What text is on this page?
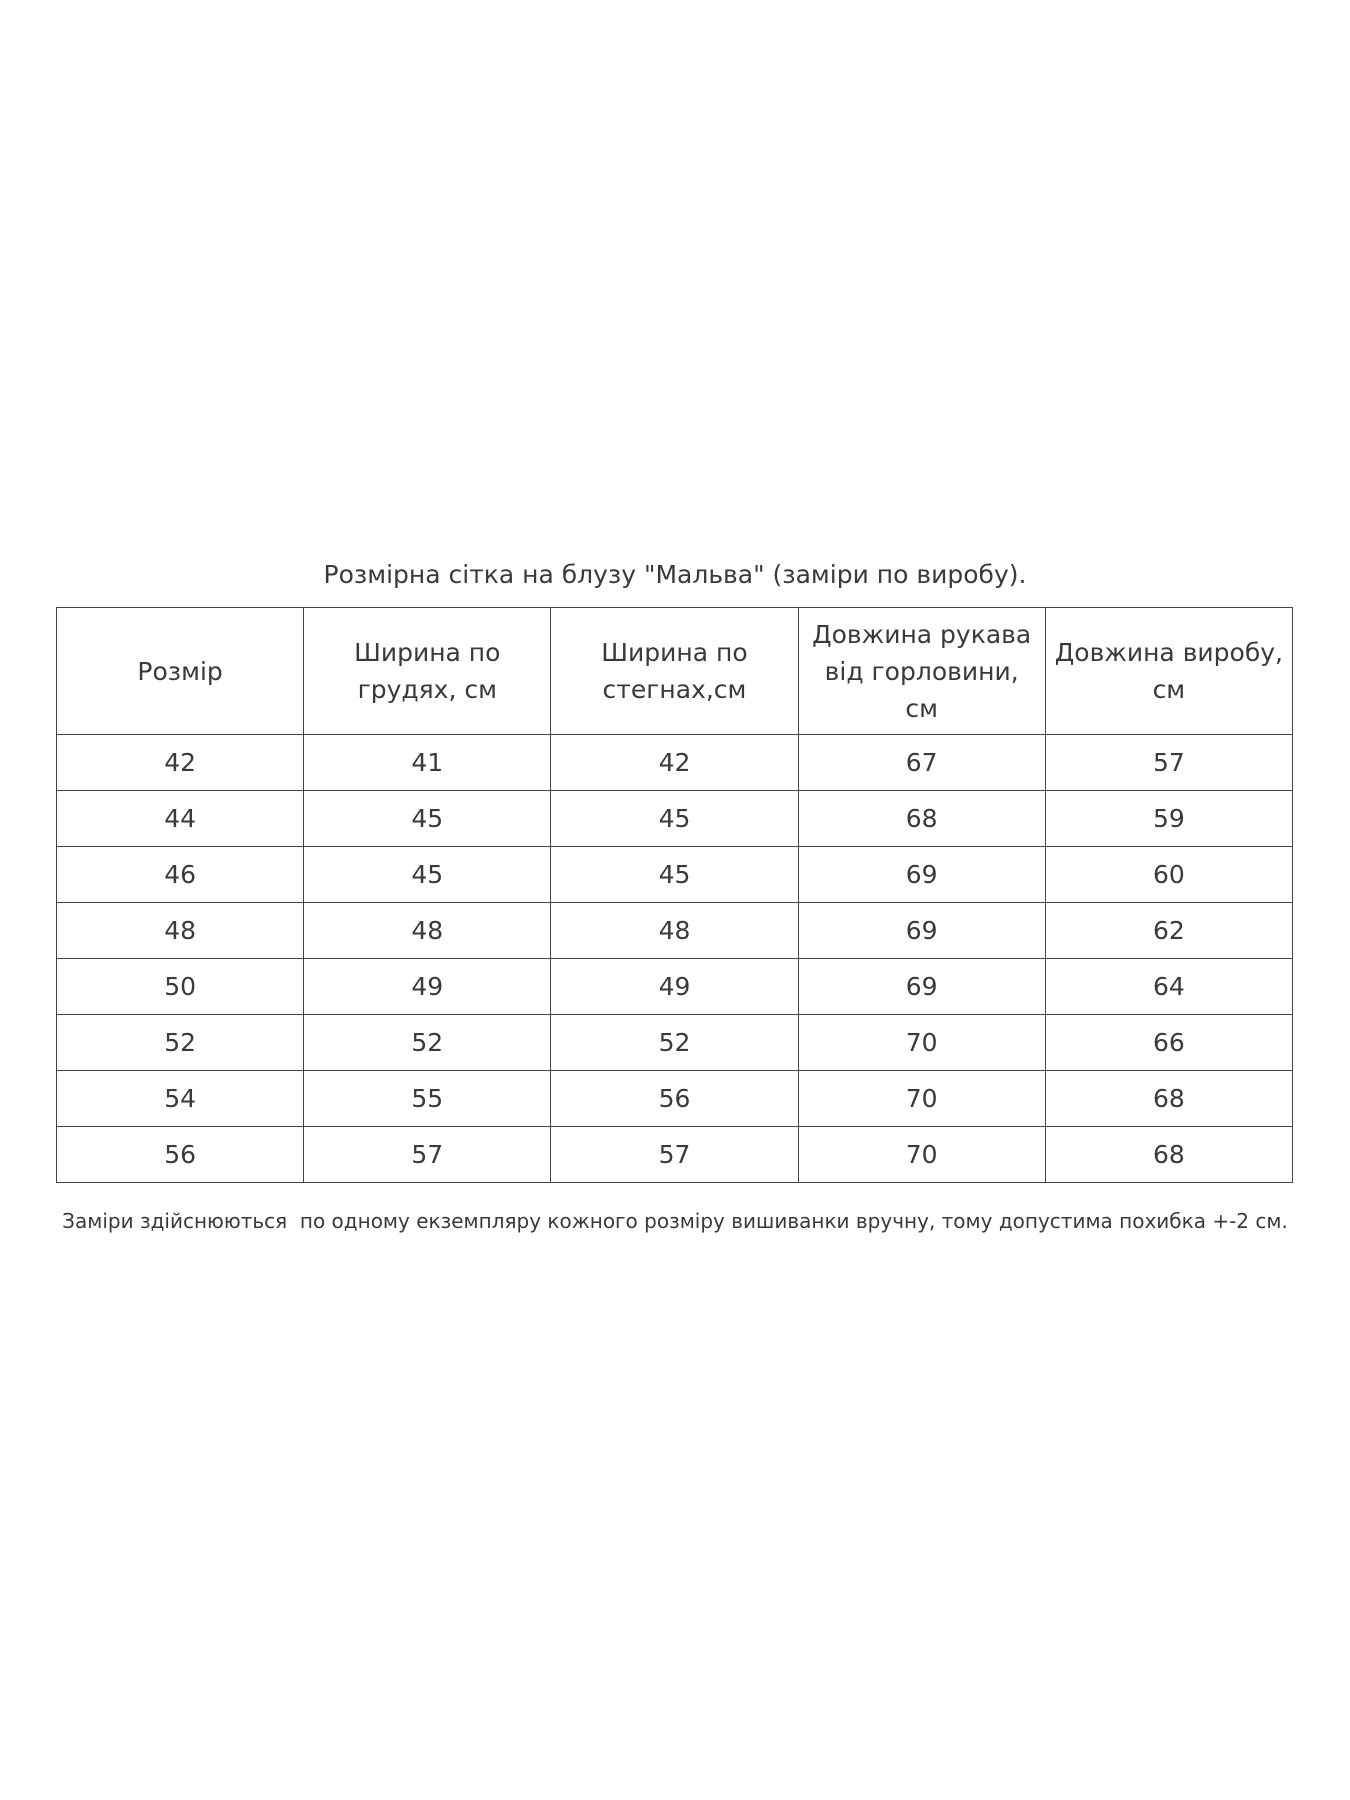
Розмірна сітка на блузу "Мальва" (заміри по виробу).
Розмір	Ширина по грудях, см	Ширина по стегнах,см	Довжина рукава від горловини, см	Довжина виробу, см
42	41	42	67	57
44	45	45	68	59
46	45	45	69	60
48	48	48	69	62
50	49	49	69	64
52	52	52	70	66
54	55	56	70	68
56	57	57	70	68
Заміри здійснюються  по одному екземпляру кожного розміру вишиванки вручну, тому допустима похибка +-2 см.
